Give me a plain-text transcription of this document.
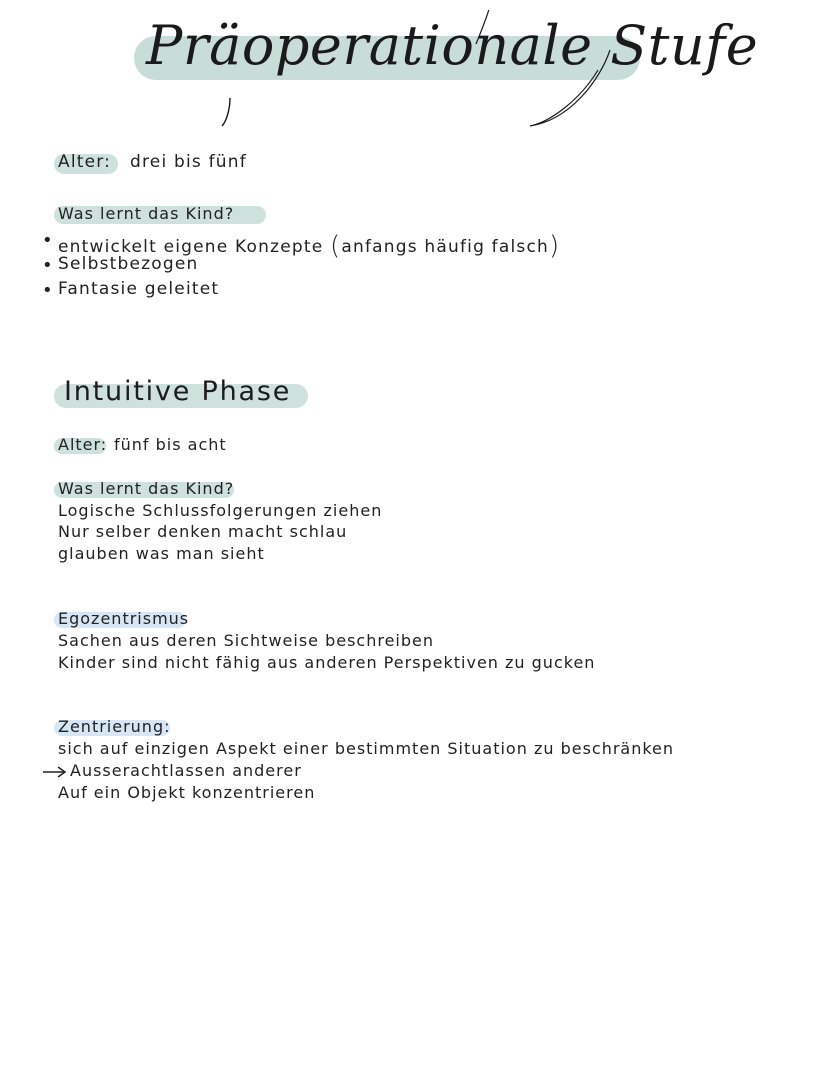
Präoperationale Stufe
Alter: drei bis fünf
Was lernt das Kind?
• entwickelt eigene Konzepte (anfangs häufig falsch)
• Selbstbezogen
• Fantasie geleitet
Intuitive Phase
Alter: fünf bis acht
Was lernt das Kind?
Logische Schlussfolgerungen ziehen
Nur selber denken macht schlau
glauben was man sieht
Egozentrismus
Sachen aus deren Sichtweise beschreiben
Kinder sind nicht fähig aus anderen Perspektiven zu gucken
Zentrierung:
sich auf einzigen Aspekt einer bestimmten Situation zu beschränken
Ausserachtlassen anderer
Auf ein Objekt konzentrieren
